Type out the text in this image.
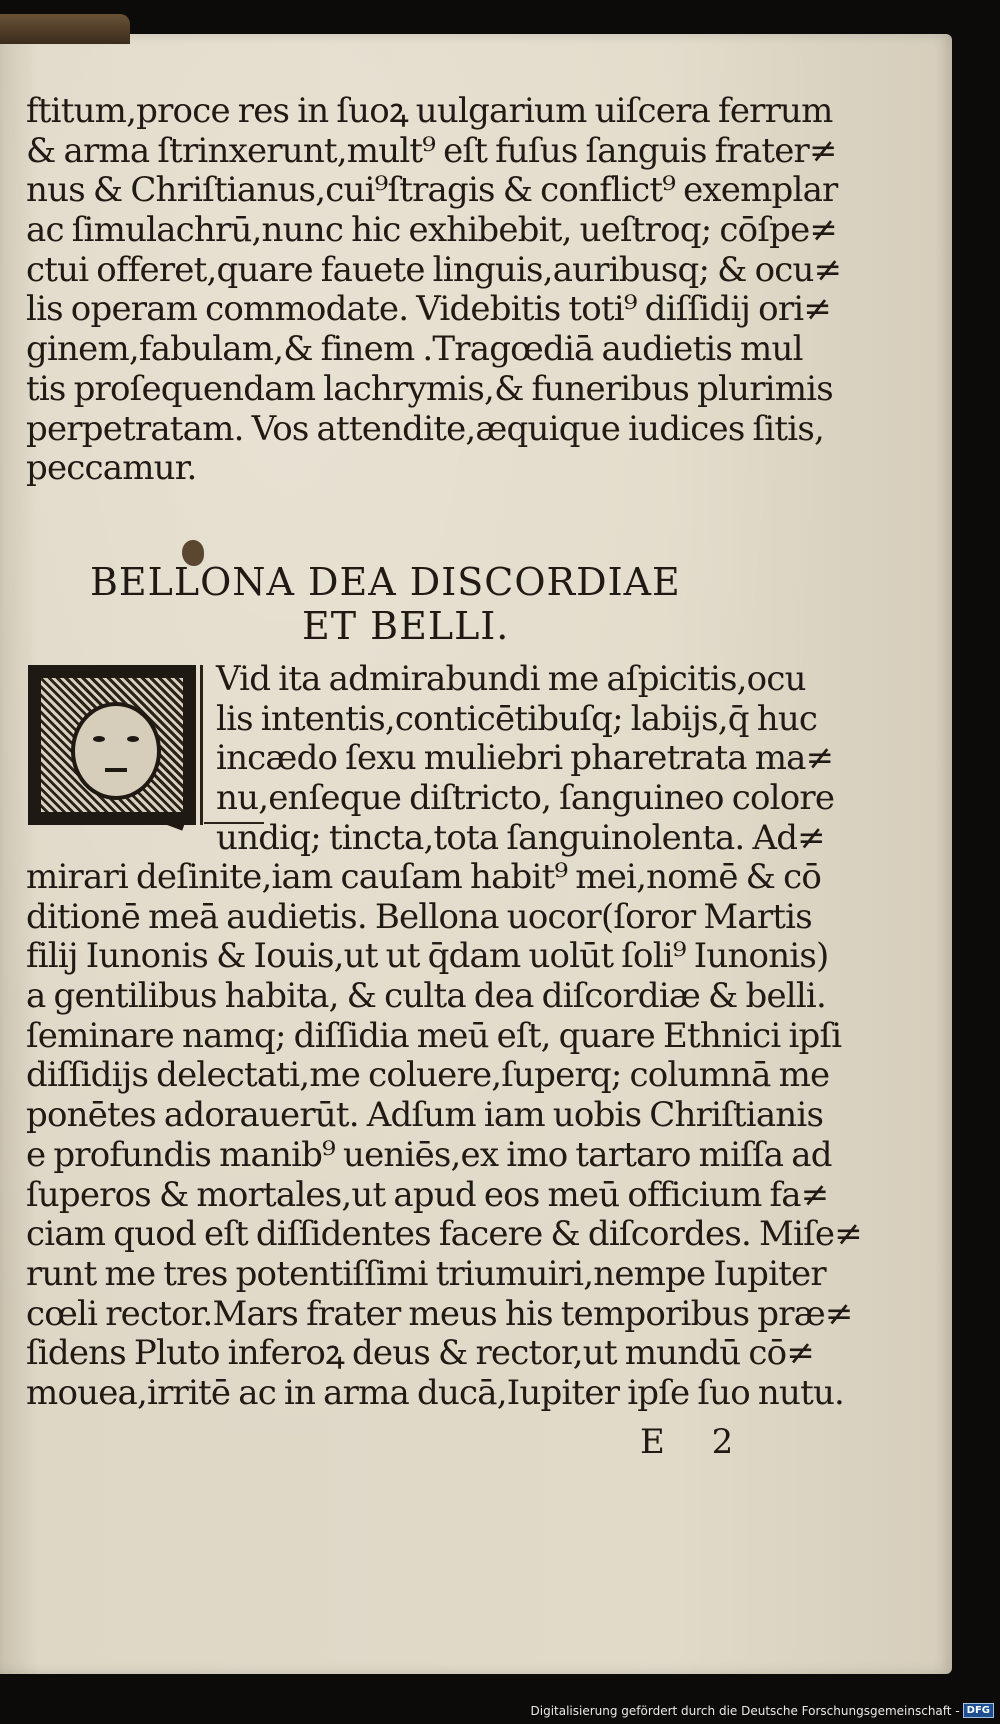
ftitum,proce res in ſuoꝝ uulgarium uiſcera ferrum
& arma ſtrinxerunt,mult⁹ eſt fuſus ſanguis frater≠
nus & Chriſtianus,cui⁹ſtragis & conflict⁹ exemplar
ac ſimulachrū,nunc hic exhibebit, ueſtroq; cōſpe≠
ctui offeret,quare fauete linguis,auribusq; & ocu≠
lis operam commodate. Videbitis toti⁹ diſſidij ori≠
ginem,fabulam,& finem .Tragœdiā audietis mul
tis proſequendam lachrymis,& funeribus plurimis
perpetratam. Vos attendite,æquique iudices ſitis,
peccamur.
BELLONA DEA DISCORDIAE
ET BELLI.
Vid ita admirabundi me aſpicitis,ocu
lis intentis,conticētibuſq; labijs,q̄ huc
incædo ſexu muliebri pharetrata ma≠
nu,enſeque diſtricto, ſanguineo colore
undiq; tincta,tota ſanguinolenta. Ad≠
mirari deſinite,iam cauſam habit⁹ mei,nomē & cō
ditionē meā audietis. Bellona uocor(ſoror Martis
filij Iunonis & Iouis,ut ut q̄dam uolūt ſoli⁹ Iunonis)
a gentilibus habita, & culta dea diſcordiæ & belli.
ſeminare namq; diſſidia meū eſt, quare Ethnici ipſi
diſſidijs delectati,me coluere,ſuperq; columnā me
ponētes adorauerūt. Adſum iam uobis Chriſtianis
e profundis manib⁹ ueniēs,ex imo tartaro miſſa ad
ſuperos & mortales,ut apud eos meū officium fa≠
ciam quod eſt diſſidentes facere & diſcordes. Miſe≠
runt me tres potentiſſimi triumuiri,nempe Iupiter
cœli rector.Mars frater meus his temporibus præ≠
ſidens Pluto inferoꝝ deus & rector,ut mundū cō≠
mouea,irritē ac in arma ducā,Iupiter ipſe ſuo nutu.
E 2
Digitalisierung gefördert durch die Deutsche Forschungsgemeinschaft - DFG
